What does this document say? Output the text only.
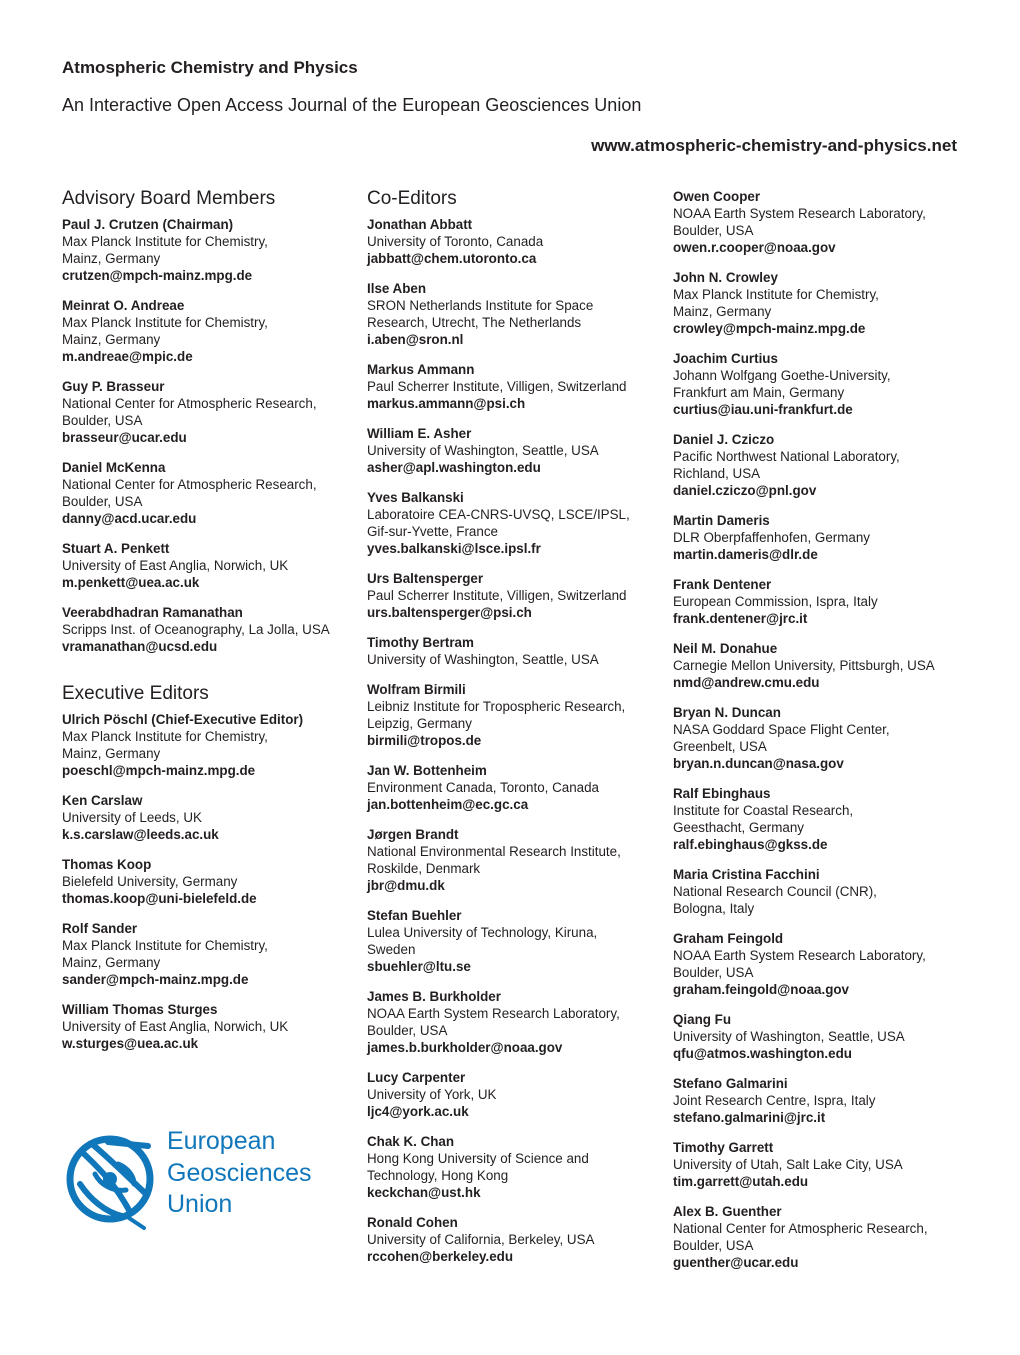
Atmospheric Chemistry and Physics
An Interactive Open Access Journal of the European Geosciences Union
www.atmospheric-chemistry-and-physics.net
Advisory Board Members
Paul J. Crutzen (Chairman)
Max Planck Institute for Chemistry,
Mainz, Germany
crutzen@mpch-mainz.mpg.de
Meinrat O. Andreae
Max Planck Institute for Chemistry,
Mainz, Germany
m.andreae@mpic.de
Guy P. Brasseur
National Center for Atmospheric Research,
Boulder, USA
brasseur@ucar.edu
Daniel McKenna
National Center for Atmospheric Research,
Boulder, USA
danny@acd.ucar.edu
Stuart A. Penkett
University of East Anglia, Norwich, UK
m.penkett@uea.ac.uk
Veerabdhadran Ramanathan
Scripps Inst. of Oceanography, La Jolla, USA
vramanathan@ucsd.edu
Executive Editors
Ulrich Pöschl (Chief-Executive Editor)
Max Planck Institute for Chemistry,
Mainz, Germany
poeschl@mpch-mainz.mpg.de
Ken Carslaw
University of Leeds, UK
k.s.carslaw@leeds.ac.uk
Thomas Koop
Bielefeld University, Germany
thomas.koop@uni-bielefeld.de
Rolf Sander
Max Planck Institute for Chemistry,
Mainz, Germany
sander@mpch-mainz.mpg.de
William Thomas Sturges
University of East Anglia, Norwich, UK
w.sturges@uea.ac.uk
Co-Editors
Jonathan Abbatt
University of Toronto, Canada
jabbatt@chem.utoronto.ca
Ilse Aben
SRON Netherlands Institute for Space
Research, Utrecht, The Netherlands
i.aben@sron.nl
Markus Ammann
Paul Scherrer Institute, Villigen, Switzerland
markus.ammann@psi.ch
William E. Asher
University of Washington, Seattle, USA
asher@apl.washington.edu
Yves Balkanski
Laboratoire CEA-CNRS-UVSQ, LSCE/IPSL,
Gif-sur-Yvette, France
yves.balkanski@lsce.ipsl.fr
Urs Baltensperger
Paul Scherrer Institute, Villigen, Switzerland
urs.baltensperger@psi.ch
Timothy Bertram
University of Washington, Seattle, USA
Wolfram Birmili
Leibniz Institute for Tropospheric Research,
Leipzig, Germany
birmili@tropos.de
Jan W. Bottenheim
Environment Canada, Toronto, Canada
jan.bottenheim@ec.gc.ca
Jørgen Brandt
National Environmental Research Institute,
Roskilde, Denmark
jbr@dmu.dk
Stefan Buehler
Lulea University of Technology, Kiruna,
Sweden
sbuehler@ltu.se
James B. Burkholder
NOAA Earth System Research Laboratory,
Boulder, USA
james.b.burkholder@noaa.gov
Lucy Carpenter
University of York, UK
ljc4@york.ac.uk
Chak K. Chan
Hong Kong University of Science and
Technology, Hong Kong
keckchan@ust.hk
Ronald Cohen
University of California, Berkeley, USA
rccohen@berkeley.edu
Owen Cooper
NOAA Earth System Research Laboratory,
Boulder, USA
owen.r.cooper@noaa.gov
John N. Crowley
Max Planck Institute for Chemistry,
Mainz, Germany
crowley@mpch-mainz.mpg.de
Joachim Curtius
Johann Wolfgang Goethe-University,
Frankfurt am Main, Germany
curtius@iau.uni-frankfurt.de
Daniel J. Cziczo
Pacific Northwest National Laboratory,
Richland, USA
daniel.cziczo@pnl.gov
Martin Dameris
DLR Oberpfaffenhofen, Germany
martin.dameris@dlr.de
Frank Dentener
European Commission, Ispra, Italy
frank.dentener@jrc.it
Neil M. Donahue
Carnegie Mellon University, Pittsburgh, USA
nmd@andrew.cmu.edu
Bryan N. Duncan
NASA Goddard Space Flight Center,
Greenbelt, USA
bryan.n.duncan@nasa.gov
Ralf Ebinghaus
Institute for Coastal Research,
Geesthacht, Germany
ralf.ebinghaus@gkss.de
Maria Cristina Facchini
National Research Council (CNR),
Bologna, Italy
Graham Feingold
NOAA Earth System Research Laboratory,
Boulder, USA
graham.feingold@noaa.gov
Qiang Fu
University of Washington, Seattle, USA
qfu@atmos.washington.edu
Stefano Galmarini
Joint Research Centre, Ispra, Italy
stefano.galmarini@jrc.it
Timothy Garrett
University of Utah, Salt Lake City, USA
tim.garrett@utah.edu
Alex B. Guenther
National Center for Atmospheric Research,
Boulder, USA
guenther@ucar.edu
European
Geosciences
Union
